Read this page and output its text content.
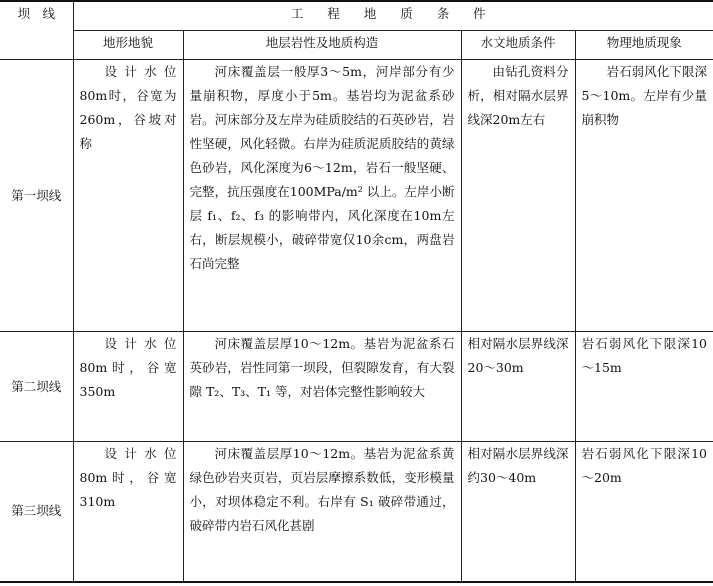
坝　线	工 程 地 质 条 件			
	地形地貌	地层岩性及地质构造	水文地质条件	物理地质现象
第一坝线	设计水位80m时，谷宽为260m，谷坡对称	河床覆盖层一般厚3～5m，河岸部分有少量崩积物，厚度小于5m。基岩均为泥盆系砂岩。河床部分及左岸为硅质胶结的石英砂岩，岩性坚硬，风化轻微。右岸为硅质泥质胶结的黄绿色砂岩，风化深度为6～12m，岩石一般坚硬、完整，抗压强度在100MPa/m² 以上。左岸小断层 f₁、f₂、f₃ 的影响带内，风化深度在10m左右，断层规模小，破碎带宽仅10余cm，两盘岩石尚完整	由钻孔资料分析，相对隔水层界线深20m左右	岩石弱风化下限深5～10m。左岸有少量崩积物
第二坝线	设计水位80m时，谷宽350m	河床覆盖层厚10～12m。基岩为泥盆系石英砂岩，岩性同第一坝段，但裂隙发育，有大裂隙 T₂、T₃、T₁ 等，对岩体完整性影响较大	相对隔水层界线深20～30m	岩石弱风化下限深10～15m
第三坝线	设计水位80m时，谷宽310m	河床覆盖层厚10～12m。基岩为泥盆系黄绿色砂岩夹页岩，页岩层摩擦系数低，变形模量小，对坝体稳定不利。右岸有 S₁ 破碎带通过，破碎带内岩石风化甚剧	相对隔水层界线深约30～40m	岩石弱风化下限深10～20m
